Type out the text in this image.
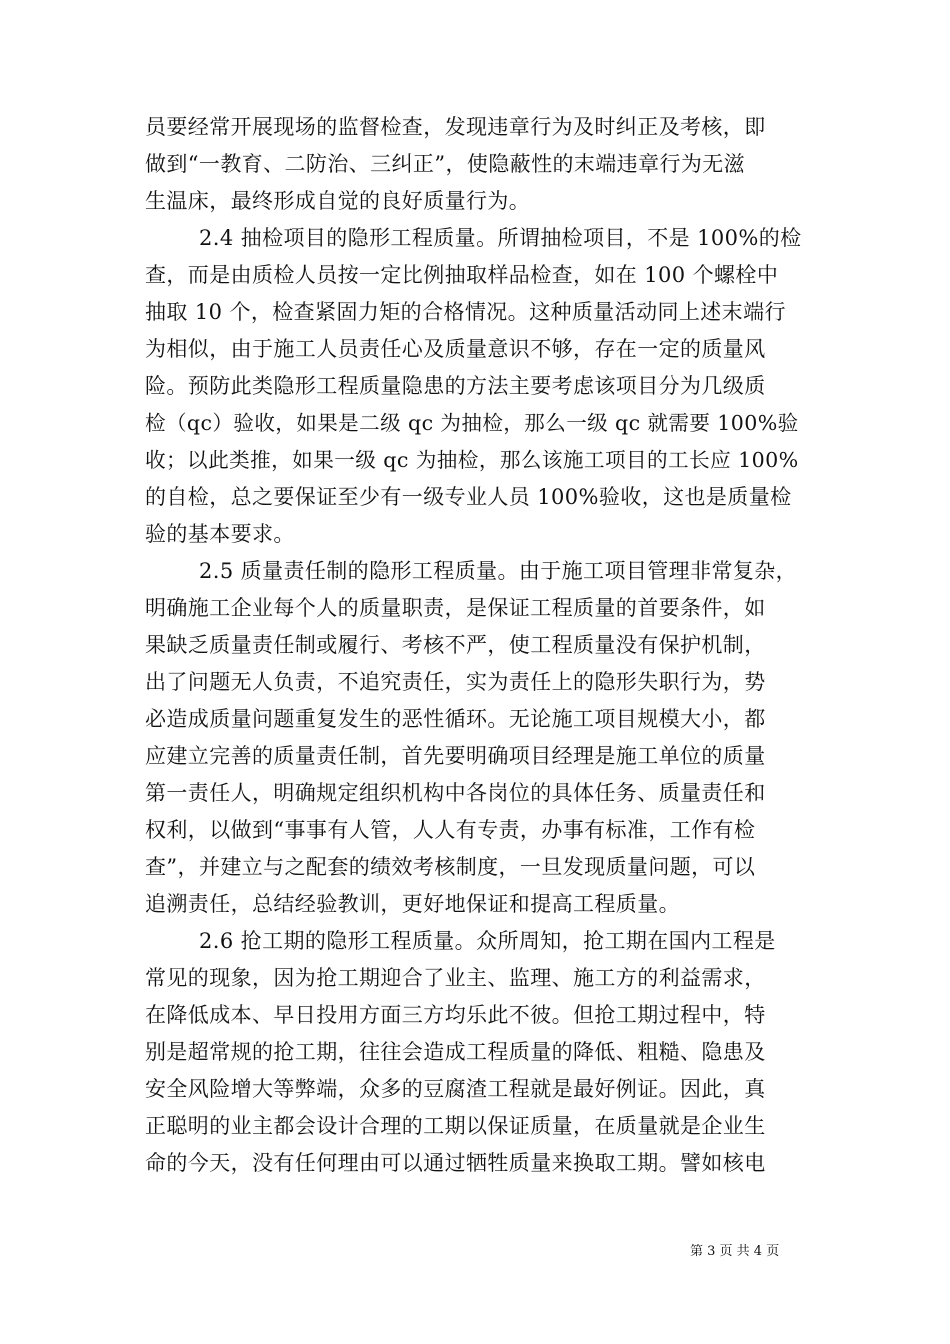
员要经常开展现场的监督检查，发现违章行为及时纠正及考核，即
做到“一教育、二防治、三纠正”，使隐蔽性的末端违章行为无滋
生温床，最终形成自觉的良好质量行为。
2.4 抽检项目的隐形工程质量。所谓抽检项目，不是 100%的检
查，而是由质检人员按一定比例抽取样品检查，如在 100 个螺栓中
抽取 10 个，检查紧固力矩的合格情况。这种质量活动同上述末端行
为相似，由于施工人员责任心及质量意识不够，存在一定的质量风
险。预防此类隐形工程质量隐患的方法主要考虑该项目分为几级质
检（qc）验收，如果是二级 qc 为抽检，那么一级 qc 就需要 100%验
收；以此类推，如果一级 qc 为抽检，那么该施工项目的工长应 100%
的自检，总之要保证至少有一级专业人员 100%验收，这也是质量检
验的基本要求。
2.5 质量责任制的隐形工程质量。由于施工项目管理非常复杂，
明确施工企业每个人的质量职责，是保证工程质量的首要条件，如
果缺乏质量责任制或履行、考核不严，使工程质量没有保护机制，
出了问题无人负责，不追究责任，实为责任上的隐形失职行为，势
必造成质量问题重复发生的恶性循环。无论施工项目规模大小，都
应建立完善的质量责任制，首先要明确项目经理是施工单位的质量
第一责任人，明确规定组织机构中各岗位的具体任务、质量责任和
权利，以做到“事事有人管，人人有专责，办事有标准，工作有检
查”，并建立与之配套的绩效考核制度，一旦发现质量问题，可以
追溯责任，总结经验教训，更好地保证和提高工程质量。
2.6 抢工期的隐形工程质量。众所周知，抢工期在国内工程是
常见的现象，因为抢工期迎合了业主、监理、施工方的利益需求，
在降低成本、早日投用方面三方均乐此不彼。但抢工期过程中，特
别是超常规的抢工期，往往会造成工程质量的降低、粗糙、隐患及
安全风险增大等弊端，众多的豆腐渣工程就是最好例证。因此，真
正聪明的业主都会设计合理的工期以保证质量，在质量就是企业生
命的今天，没有任何理由可以通过牺牲质量来换取工期。譬如核电
第 3 页 共 4 页
